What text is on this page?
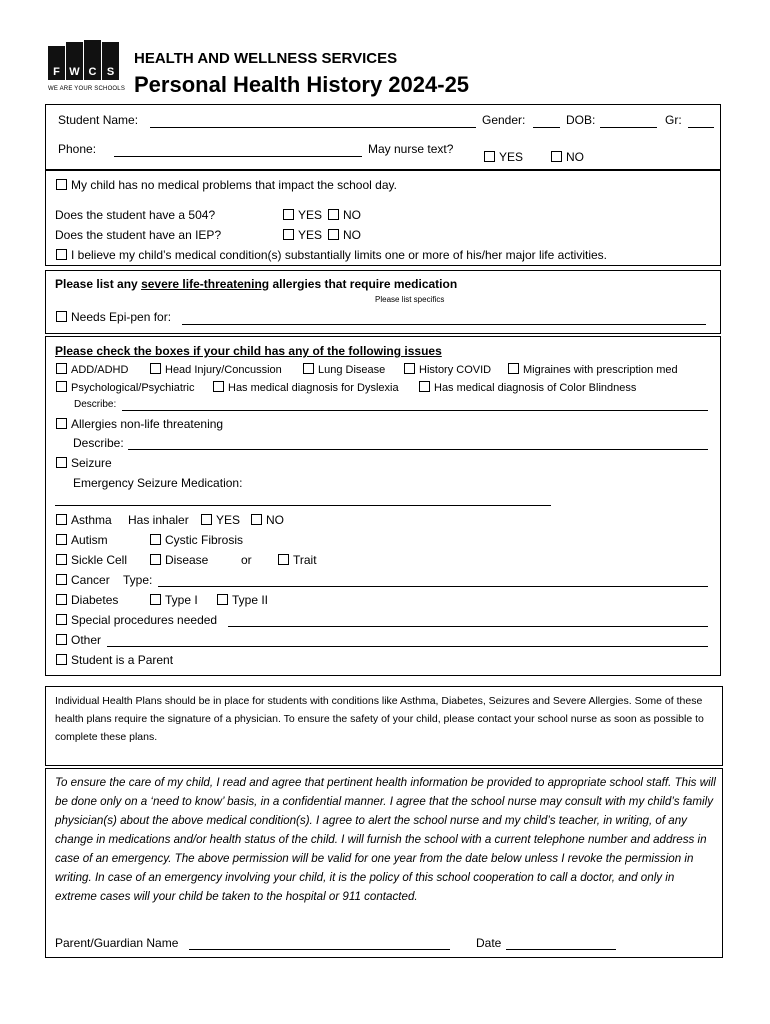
F W C S
WE ARE YOUR SCHOOLS
HEALTH AND WELLNESS SERVICES
Personal Health History 2024-25
Student Name:	Gender:	DOB:	Gr:
Phone:	May nurse text?
YES	NO
My child has no medical problems that impact the school day.
Does the student have a 504?	YES	NO
Does the student have an IEP?	YES	NO
I believe my child’s medical condition(s) substantially limits one or more of his/her major life activities.
Please list any severe life-threatening allergies that require medication
Please list specifics
Needs Epi-pen for:
Please check the boxes if your child has any of the following issues
ADD/ADHD	Head Injury/Concussion	Lung Disease	History COVID	Migraines with prescription med
Psychological/Psychiatric	Has medical diagnosis for Dyslexia	Has medical diagnosis of Color Blindness
Describe:
Allergies non-life threatening
Describe:
Seizure
Emergency Seizure Medication:
Asthma Has inhaler	YES	NO
Autism	Cystic Fibrosis
Sickle Cell	Disease	or	Trait
Cancer Type:
Diabetes	Type I	Type II
Special procedures needed
Other
Student is a Parent
Individual Health Plans should be in place for students with conditions like Asthma, Diabetes, Seizures and Severe Allergies. Some of these health plans require the signature of a physician. To ensure the safety of your child, please contact your school nurse as soon as possible to complete these plans.
To ensure the care of my child, I read and agree that pertinent health information be provided to appropriate school staff. This will be done only on a ‘need to know’ basis, in a confidential manner. I agree that the school nurse may consult with my child’s family physician(s) about the above medical condition(s). I agree to alert the school nurse and my child’s teacher, in writing, of any change in medications and/or health status of the child. I will furnish the school with a current telephone number and address in case of an emergency. The above permission will be valid for one year from the date below unless I revoke the permission in writing. In case of an emergency involving your child, it is the policy of this school cooperation to call a doctor, and only in extreme cases will your child be taken to the hospital or 911 contacted.
Parent/Guardian Name	Date
